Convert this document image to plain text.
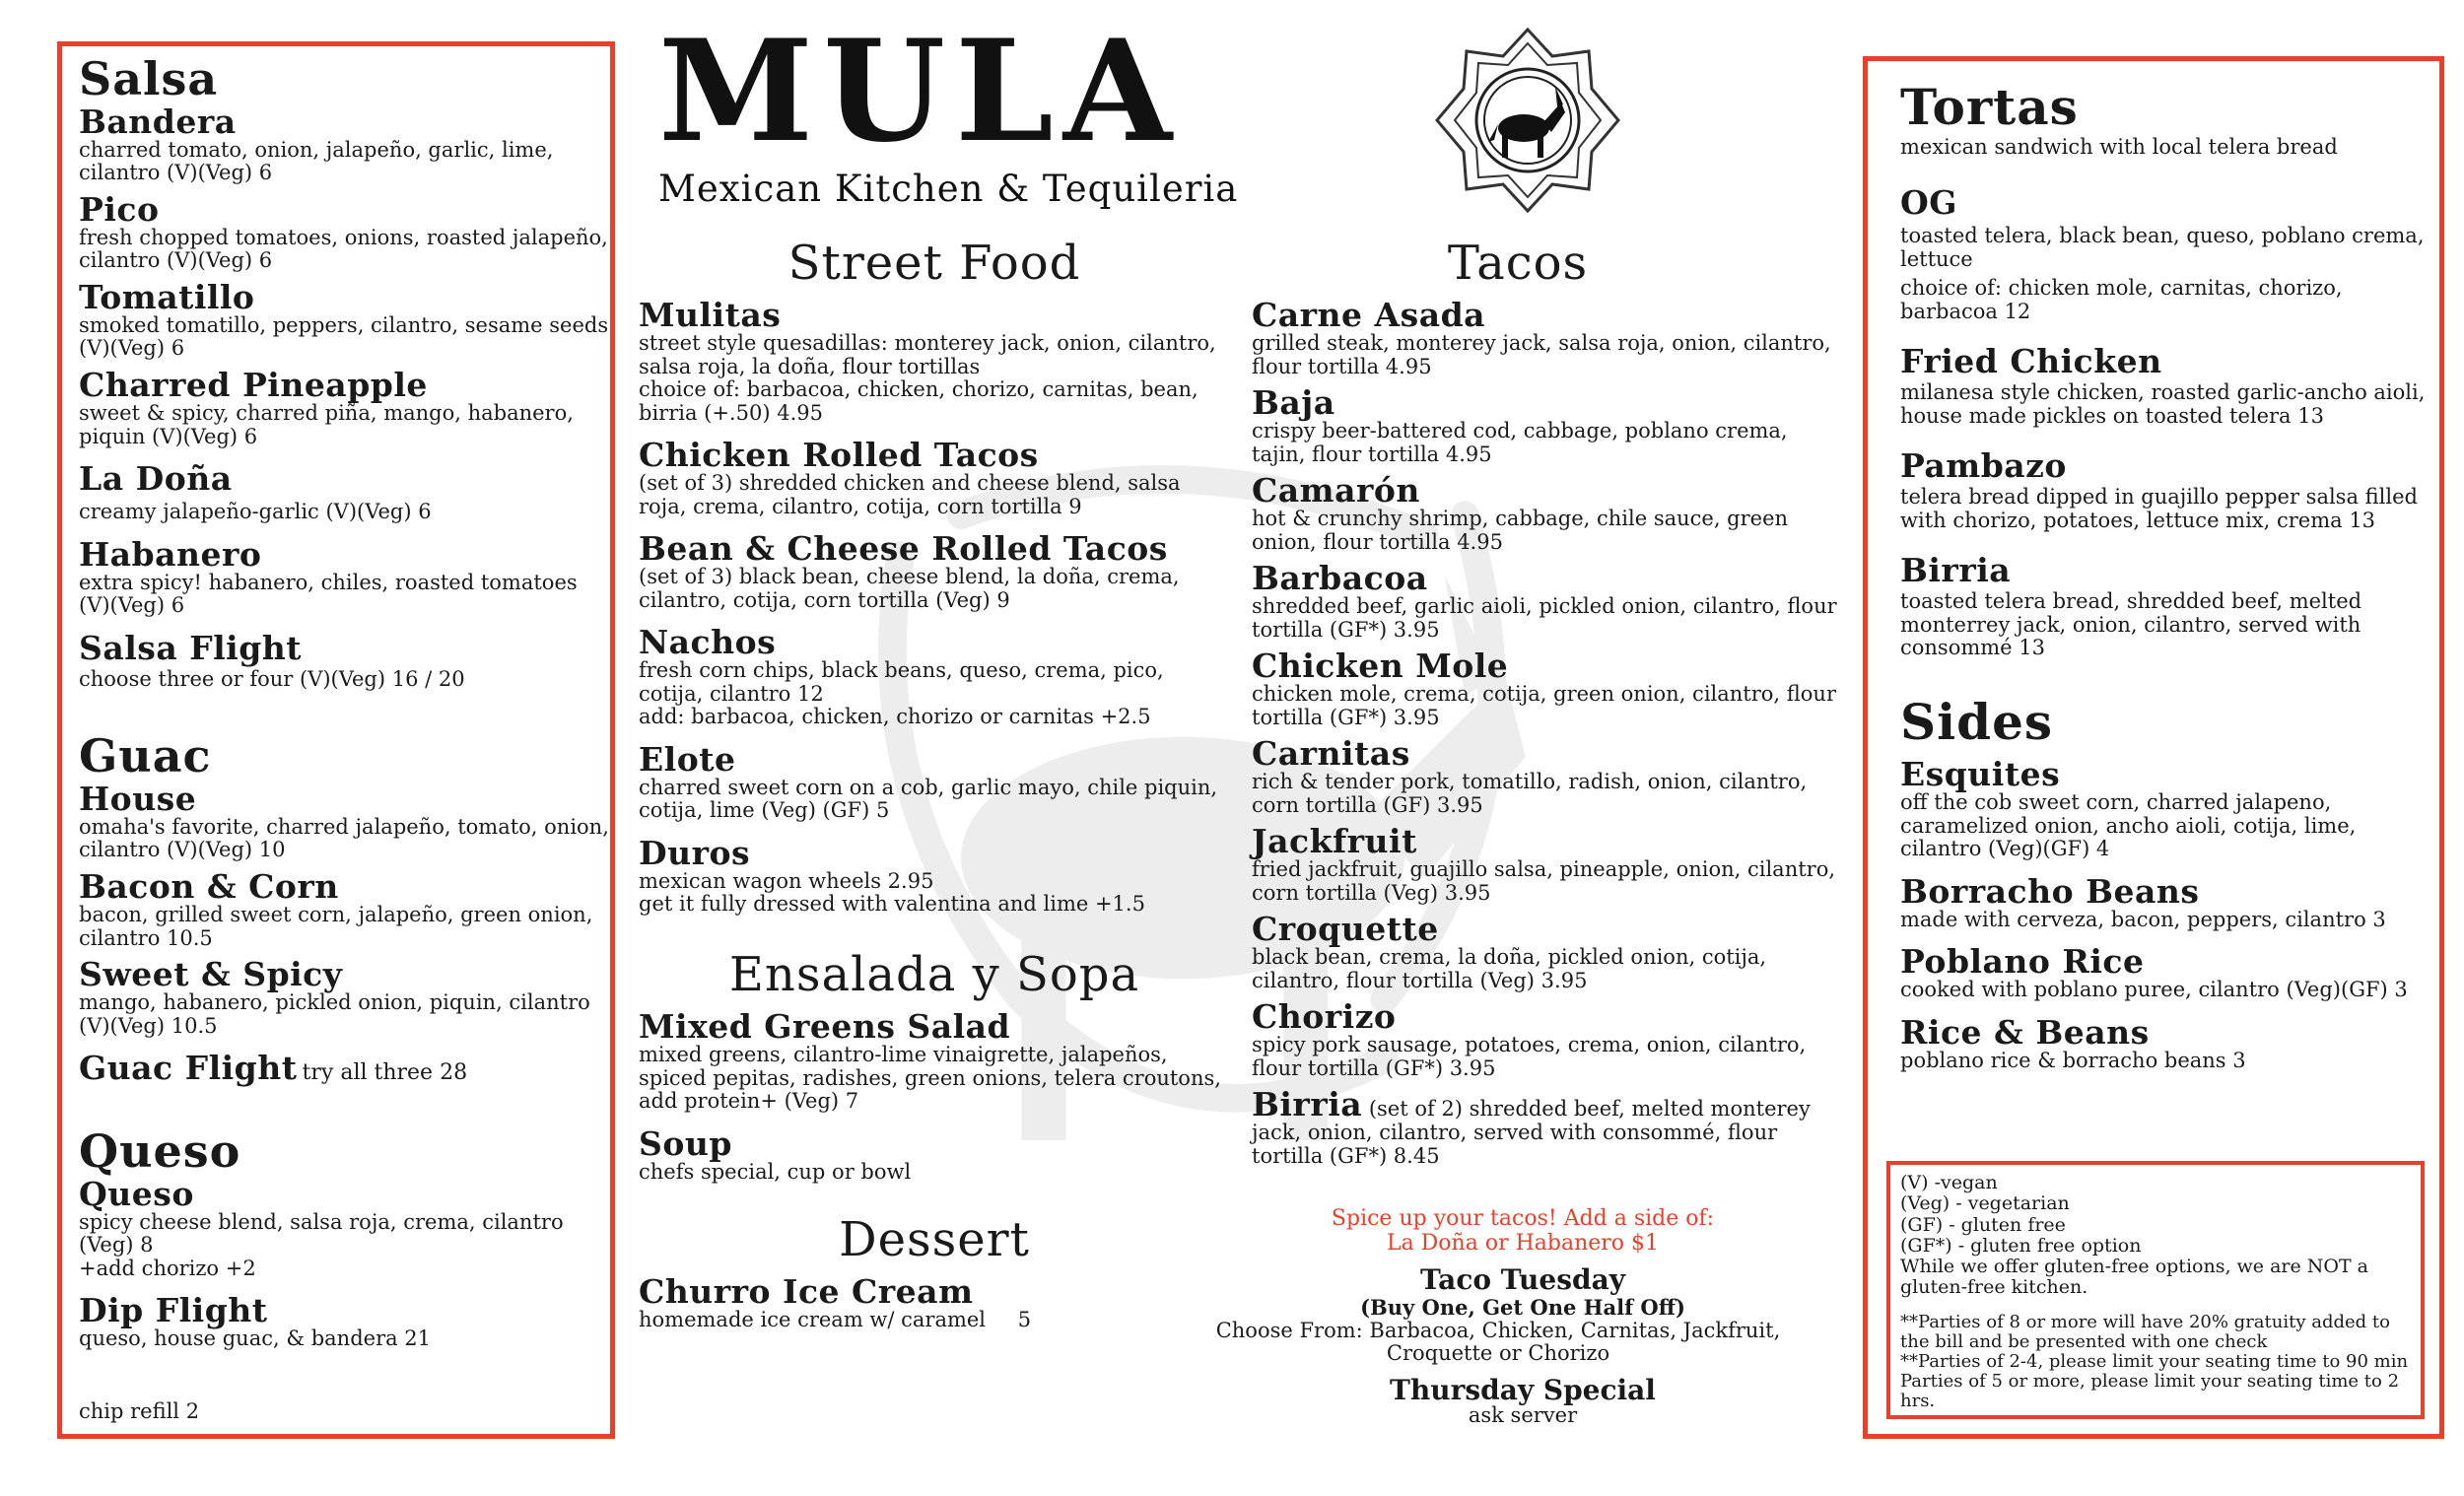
MULA
Mexican Kitchen & Tequileria
Salsa
Bandera
charred tomato, onion, jalapeño, garlic, lime, cilantro (V)(Veg) 6
Pico
fresh chopped tomatoes, onions, roasted jalapeño, cilantro (V)(Veg) 6
Tomatillo
smoked tomatillo, peppers, cilantro, sesame seeds (V)(Veg) 6
Charred Pineapple
sweet & spicy, charred piña, mango, habanero, piquin (V)(Veg) 6
La Doña
creamy jalapeño-garlic (V)(Veg) 6
Habanero
extra spicy! habanero, chiles, roasted tomatoes (V)(Veg) 6
Salsa Flight
choose three or four (V)(Veg) 16 / 20
Guac
House
omaha's favorite, charred jalapeño, tomato, onion, cilantro (V)(Veg) 10
Bacon & Corn
bacon, grilled sweet corn, jalapeño, green onion, cilantro 10.5
Sweet & Spicy
mango, habanero, pickled onion, piquin, cilantro (V)(Veg) 10.5
Guac Flight try all three 28
Queso
Queso
spicy cheese blend, salsa roja, crema, cilantro (Veg) 8
+add chorizo +2
Dip Flight
queso, house guac, & bandera 21
chip refill 2
Street Food
Mulitas
street style quesadillas: monterey jack, onion, cilantro, salsa roja, la doña, flour tortillas
choice of: barbacoa, chicken, chorizo, carnitas, bean, birria (+.50) 4.95
Chicken Rolled Tacos
(set of 3) shredded chicken and cheese blend, salsa roja, crema, cilantro, cotija, corn tortilla 9
Bean & Cheese Rolled Tacos
(set of 3) black bean, cheese blend, la doña, crema, cilantro, cotija, corn tortilla (Veg) 9
Nachos
fresh corn chips, black beans, queso, crema, pico, cotija, cilantro 12
add: barbacoa, chicken, chorizo or carnitas +2.5
Elote
charred sweet corn on a cob, garlic mayo, chile piquin, cotija, lime (Veg) (GF) 5
Duros
mexican wagon wheels 2.95
get it fully dressed with valentina and lime +1.5
Ensalada y Sopa
Mixed Greens Salad
mixed greens, cilantro-lime vinaigrette, jalapeños, spiced pepitas, radishes, green onions, telera croutons, add protein+ (Veg) 7
Soup
chefs special, cup or bowl
Dessert
Churro Ice Cream
homemade ice cream w/ caramel 5
Tacos
Carne Asada
grilled steak, monterey jack, salsa roja, onion, cilantro, flour tortilla 4.95
Baja
crispy beer-battered cod, cabbage, poblano crema, tajin, flour tortilla 4.95
Camarón
hot & crunchy shrimp, cabbage, chile sauce, green onion, flour tortilla 4.95
Barbacoa
shredded beef, garlic aioli, pickled onion, cilantro, flour tortilla (GF*) 3.95
Chicken Mole
chicken mole, crema, cotija, green onion, cilantro, flour tortilla (GF*) 3.95
Carnitas
rich & tender pork, tomatillo, radish, onion, cilantro, corn tortilla (GF) 3.95
Jackfruit
fried jackfruit, guajillo salsa, pineapple, onion, cilantro, corn tortilla (Veg) 3.95
Croquette
black bean, crema, la doña, pickled onion, cotija, cilantro, flour tortilla (Veg) 3.95
Chorizo
spicy pork sausage, potatoes, crema, onion, cilantro, flour tortilla (GF*) 3.95
Birria (set of 2) shredded beef, melted monterey jack, onion, cilantro, served with consommé, flour tortilla (GF*) 8.45
Spice up your tacos! Add a side of:
La Doña or Habanero $1
Taco Tuesday
(Buy One, Get One Half Off)
Choose From: Barbacoa, Chicken, Carnitas, Jackfruit, Croquette or Chorizo
Thursday Special
ask server
Tortas
mexican sandwich with local telera bread
OG
toasted telera, black bean, queso, poblano crema, lettuce
choice of: chicken mole, carnitas, chorizo, barbacoa 12
Fried Chicken
milanesa style chicken, roasted garlic-ancho aioli, house made pickles on toasted telera 13
Pambazo
telera bread dipped in guajillo pepper salsa filled with chorizo, potatoes, lettuce mix, crema 13
Birria
toasted telera bread, shredded beef, melted monterrey jack, onion, cilantro, served with consommé 13
Sides
Esquites
off the cob sweet corn, charred jalapeno, caramelized onion, ancho aioli, cotija, lime, cilantro (Veg)(GF) 4
Borracho Beans
made with cerveza, bacon, peppers, cilantro 3
Poblano Rice
cooked with poblano puree, cilantro (Veg)(GF) 3
Rice & Beans
poblano rice & borracho beans 3
(V) -vegan
(Veg) - vegetarian
(GF) - gluten free
(GF*) - gluten free option
While we offer gluten-free options, we are NOT a gluten-free kitchen.
**Parties of 8 or more will have 20% gratuity added to the bill and be presented with one check
**Parties of 2-4, please limit your seating time to 90 min Parties of 5 or more, please limit your seating time to 2 hrs.
